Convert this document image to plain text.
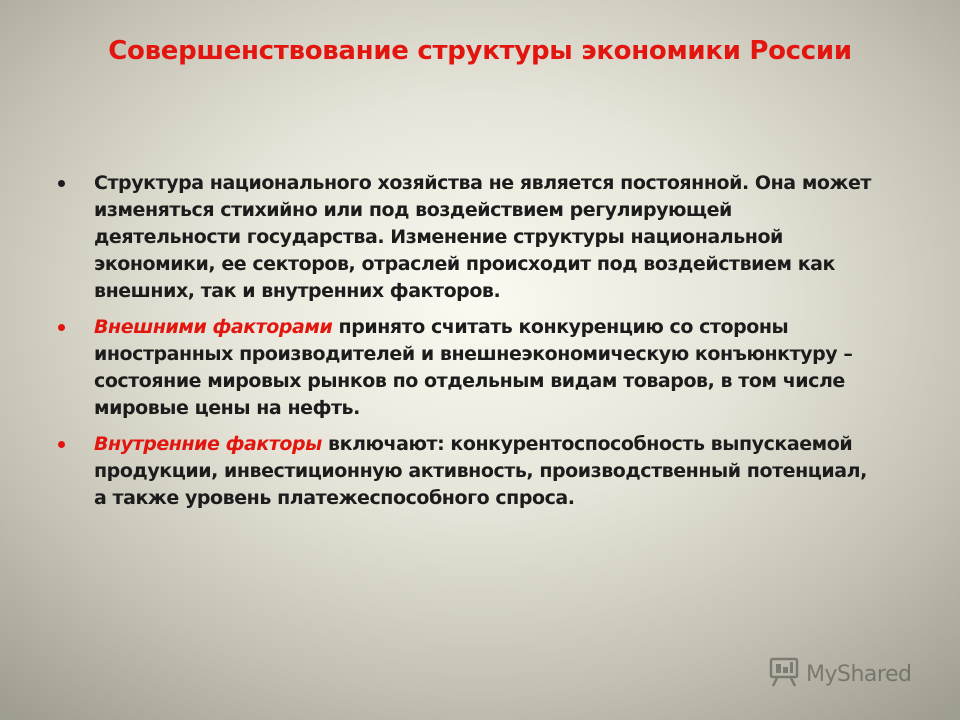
Совершенствование структуры экономики России
Структура национального хозяйства не является постоянной. Она может изменяться стихийно или под воздействием регулирующей деятельности государства. Изменение структуры национальной экономики, ее секторов, отраслей происходит под воздействием как внешних, так и внутренних факторов.
Внешними факторами принято считать конкуренцию со стороны иностранных производителей и внешнеэкономическую конъюнктуру – состояние мировых рынков по отдельным видам товаров, в том числе мировые цены на нефть.
Внутренние факторы включают: конкурентоспособность выпускаемой продукции, инвестиционную активность, производственный потенциал, а также уровень платежеспособного спроса.
MyShared
